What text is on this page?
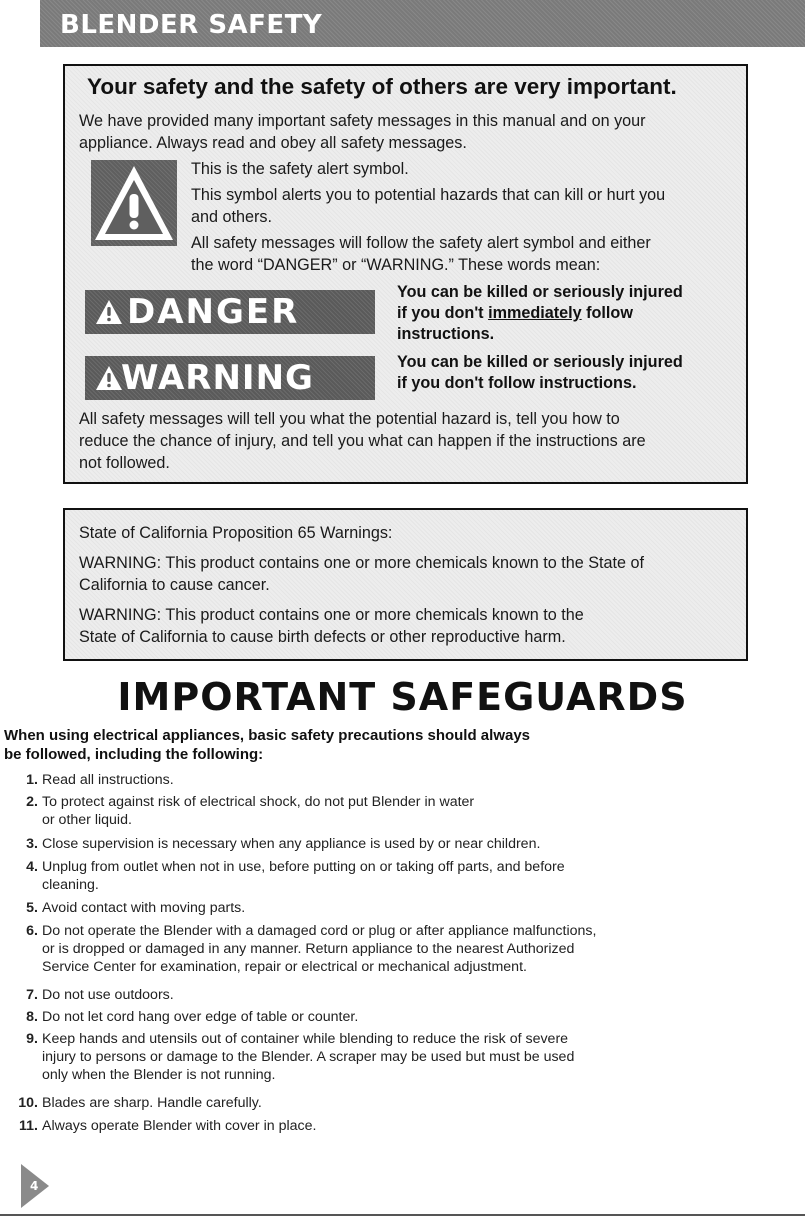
BLENDER SAFETY
Your safety and the safety of others are very important.
We have provided many important safety messages in this manual and on your
appliance. Always read and obey all safety messages.
This is the safety alert symbol.
This symbol alerts you to potential hazards that can kill or hurt you
and others.
All safety messages will follow the safety alert symbol and either
the word “DANGER” or “WARNING.” These words mean:
DANGER	You can be killed or seriously injured
if you don't immediately follow
instructions.
WARNING	You can be killed or seriously injured
if you don't follow instructions.
All safety messages will tell you what the potential hazard is, tell you how to
reduce the chance of injury, and tell you what can happen if the instructions are
not followed.
State of California Proposition 65 Warnings:
WARNING: This product contains one or more chemicals known to the State of
California to cause cancer.
WARNING: This product contains one or more chemicals known to the
State of California to cause birth defects or other reproductive harm.
IMPORTANT SAFEGUARDS
When using electrical appliances, basic safety precautions should always
be followed, including the following:
1. Read all instructions.
2. To protect against risk of electrical shock, do not put Blender in water
or other liquid.
3. Close supervision is necessary when any appliance is used by or near children.
4. Unplug from outlet when not in use, before putting on or taking off parts, and before
cleaning.
5. Avoid contact with moving parts.
6. Do not operate the Blender with a damaged cord or plug or after appliance malfunctions,
or is dropped or damaged in any manner. Return appliance to the nearest Authorized
Service Center for examination, repair or electrical or mechanical adjustment.
7. Do not use outdoors.
8. Do not let cord hang over edge of table or counter.
9. Keep hands and utensils out of container while blending to reduce the risk of severe
injury to persons or damage to the Blender. A scraper may be used but must be used
only when the Blender is not running.
10. Blades are sharp. Handle carefully.
11. Always operate Blender with cover in place.
4
